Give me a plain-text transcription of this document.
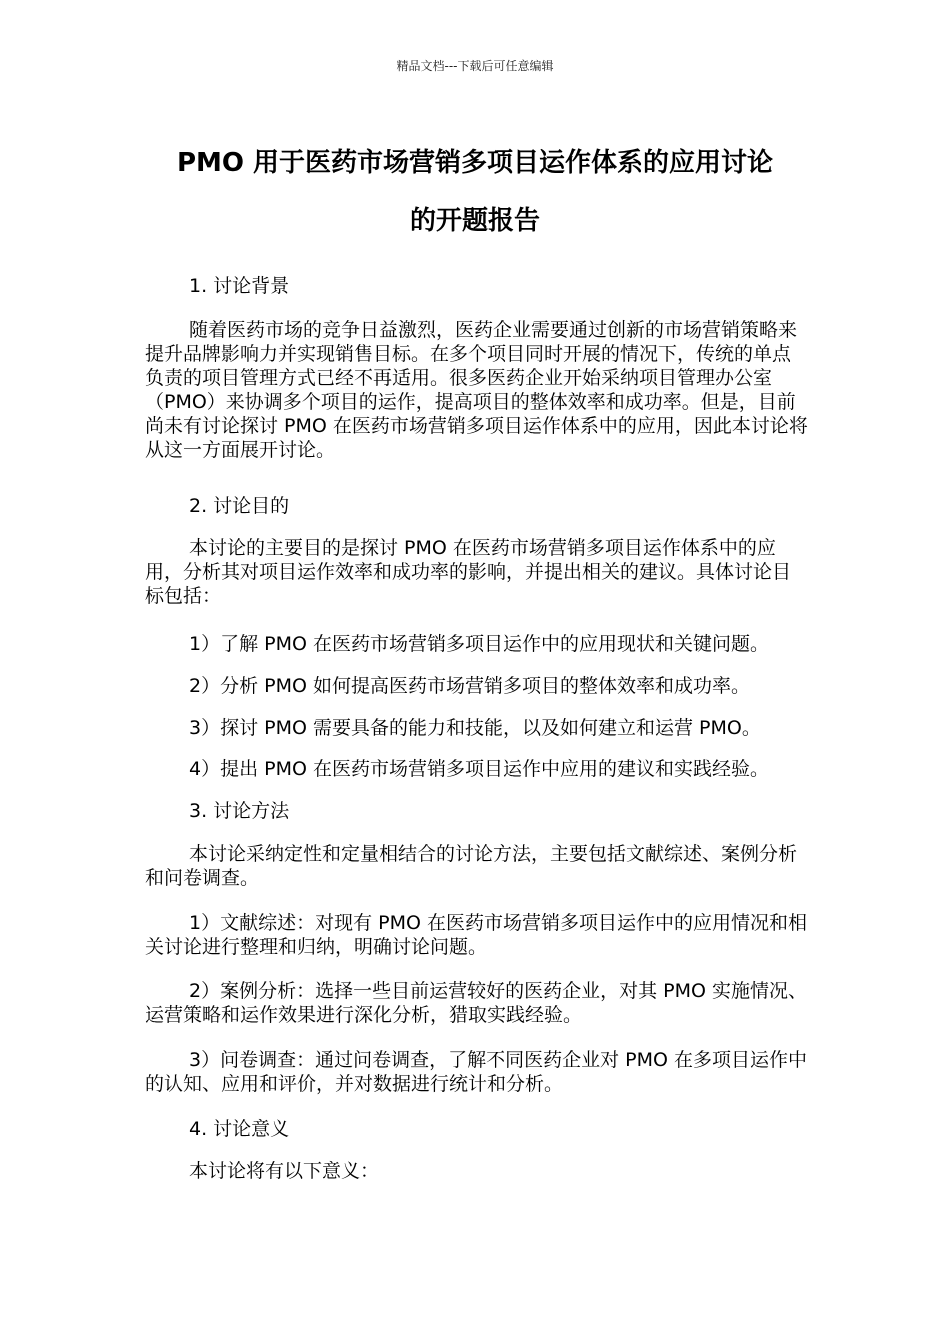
精品文档---下载后可任意编辑
PMO 用于医药市场营销多项目运作体系的应用讨论
的开题报告

1. 讨论背景

随着医药市场的竞争日益激烈，医药企业需要通过创新的市场营销策略来提升品牌影响力并实现销售目标。在多个项目同时开展的情况下，传统的单点负责的项目管理方式已经不再适用。很多医药企业开始采纳项目管理办公室（PMO）来协调多个项目的运作，提高项目的整体效率和成功率。但是，目前尚未有讨论探讨 PMO 在医药市场营销多项目运作体系中的应用，因此本讨论将从这一方面展开讨论。

2. 讨论目的

本讨论的主要目的是探讨 PMO 在医药市场营销多项目运作体系中的应用，分析其对项目运作效率和成功率的影响，并提出相关的建议。具体讨论目标包括：

1）了解 PMO 在医药市场营销多项目运作中的应用现状和关键问题。

2）分析 PMO 如何提高医药市场营销多项目的整体效率和成功率。

3）探讨 PMO 需要具备的能力和技能，以及如何建立和运营 PMO。

4）提出 PMO 在医药市场营销多项目运作中应用的建议和实践经验。

3. 讨论方法

本讨论采纳定性和定量相结合的讨论方法，主要包括文献综述、案例分析和问卷调查。

1）文献综述：对现有 PMO 在医药市场营销多项目运作中的应用情况和相关讨论进行整理和归纳，明确讨论问题。

2）案例分析：选择一些目前运营较好的医药企业，对其 PMO 实施情况、运营策略和运作效果进行深化分析，猎取实践经验。

3）问卷调查：通过问卷调查，了解不同医药企业对 PMO 在多项目运作中的认知、应用和评价，并对数据进行统计和分析。

4. 讨论意义

本讨论将有以下意义：
